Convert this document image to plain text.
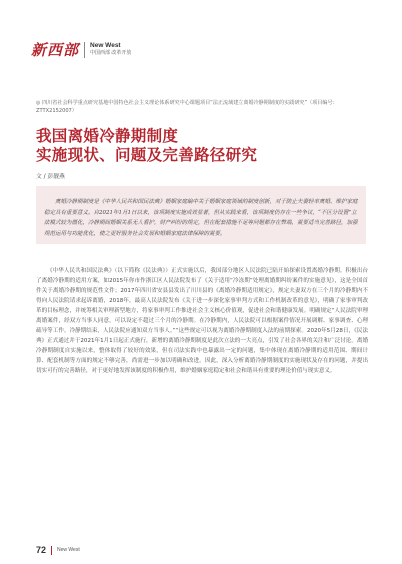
新西部 New West
中国西部 改革开放
◎ 四川省社会科学重点研究基地中国特色社会主义理论体系研究中心课题项目“法正流域建立离婚冷静期制度的实践研究”（项目编号：ZTTX2152007）
我国离婚冷静期制度
实施现状、问题及完善路径研究
文 / 彭靓燕

离婚冷静期制度是《中华人民共和国民法典》婚姻家庭编中关于婚姻家庭领域的制度创新，对于防止夫妻轻率离婚、维护家庭稳定具有重要意义。自2021年1月1日以来，该项制度实施成效显著，但从实践来看，该项制度仍存在一些争议，“不区分设置”立法模式较为僵化，冷静期间婚姻关系无人看护，财产纠纷的规定，但在配套措施不足等问题都存在弊端，需要适当完善路径，加强规范运用与功能优化，使之更好服务社会发展和婚姻家庭法律保障的需要。

《中华人民共和国民法典》（以下简称《民法典》）正式实施以后，我国部分地区人民法院已陆开始探索设置离婚冷静期。积极出台了离婚冷静期的适用方案，如2015年你市作浙江区人民法院发布了《关于适用“冷冻期”处理离婚期纠纷案件的实施意见》，这是全国首件关于离婚冷静期的规范性文件；2017年四川省安县县发出了川川县的《离婚冷静期适用规定》，规定夫妻双方在三个月的冷静期内不得向人民法院请求起诉离婚，2018年，最高人民法院发布《关于进一步深化家事审判方式和工作机制改革的意见》，明确了家事审判改革的目标理念，并统筹相关审理新型地方，将家事审判工作推进社会主义核心价值观，促进社会和谐健康发展。明确规定“人民法院审理离婚案件，经双方当事人同意，可以设定不超过三个月的冷静期。在冷静期内，人民法院可以根据案件情况开展调解、家事调查、心理疏导等工作。冷静期结束，人民法院应通知双方当事人。”“这些规定可以视为离婚冷静期制度入法的前期探索。2020年5月28日，《民法典》正式通过并于2021年1月1日起正式施行，新增的离婚冷静期制度是此次立法的一大亮点，引发了社会各界的关注和广泛讨论。离婚冷静期制度自实施以来，整体取得了较好的效果，但在司法实践中也暴露出一定的问题，集中体现在离婚冷静期的适用范围、期间计算、配套机制等方面的规定不够完善，尚需进一步加以明确和改进。因此，深入分析离婚冷静期制度的实施现状及存在的问题，并提出切实可行的完善路径，对于更好地发挥该制度的积极作用，维护婚姻家庭稳定和社会和谐具有重要的理论价值与现实意义。
72 New West
